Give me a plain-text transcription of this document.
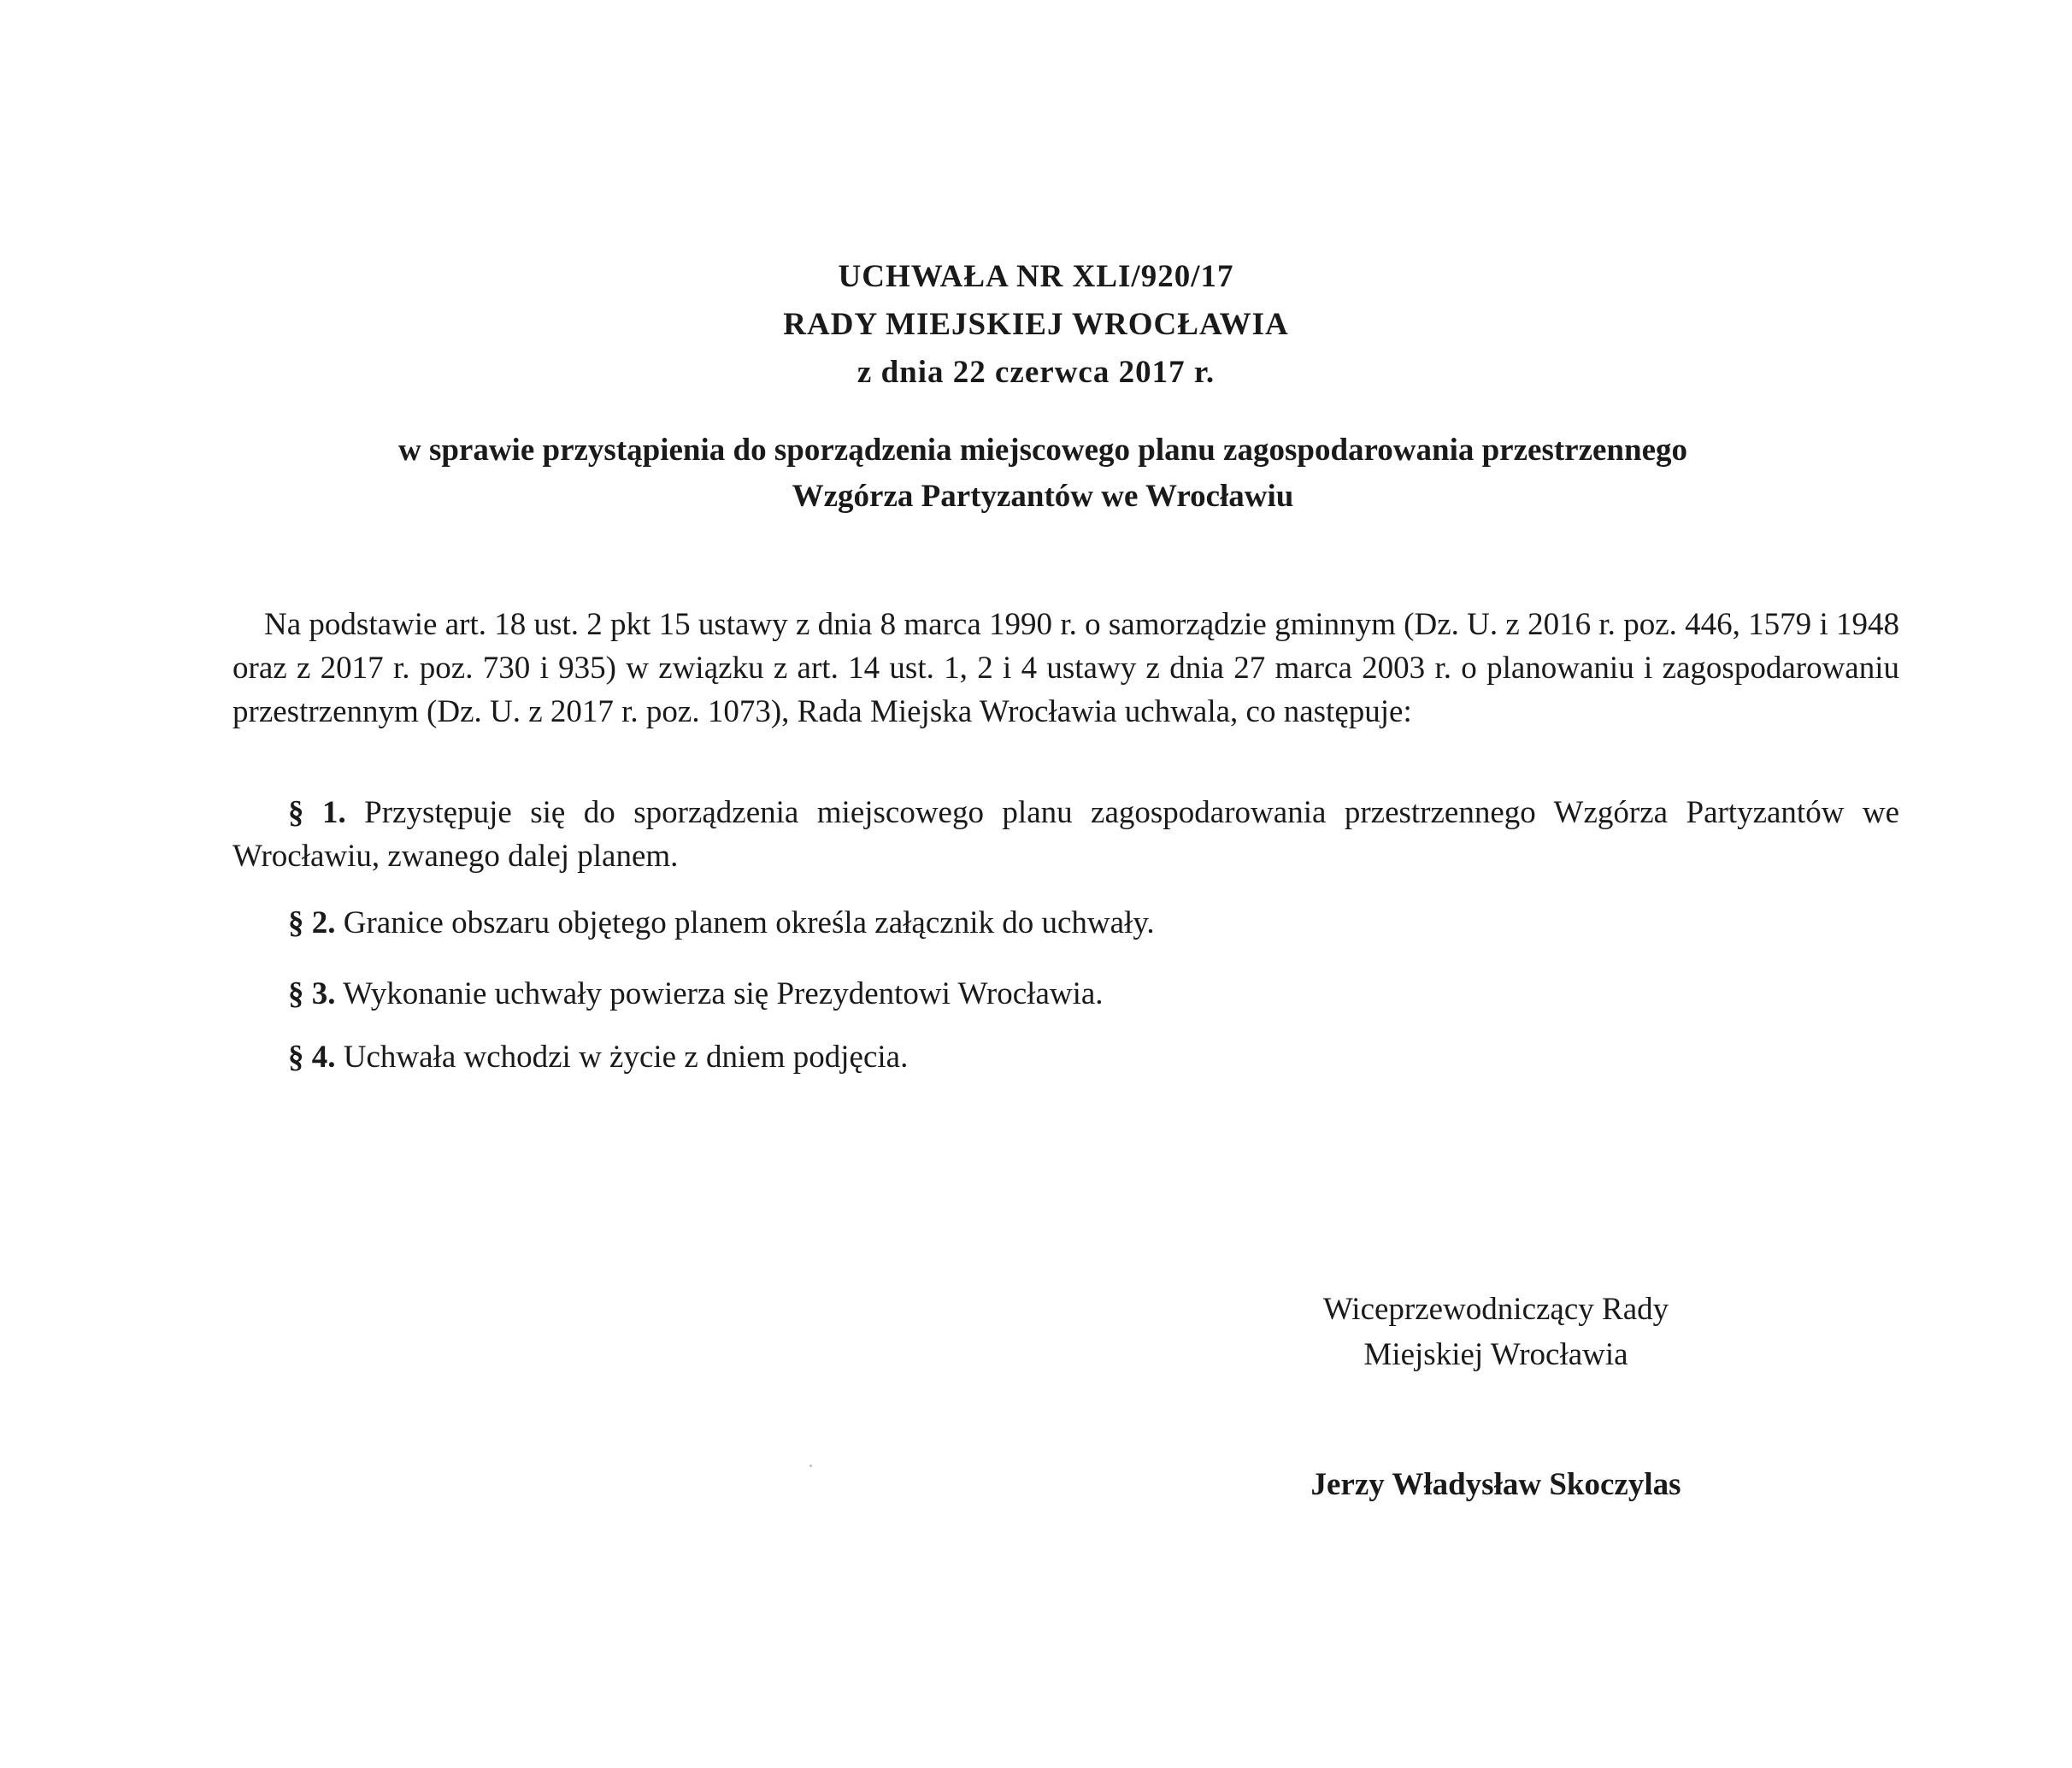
UCHWAŁA NR XLI/920/17
RADY MIEJSKIEJ WROCŁAWIA
z dnia 22 czerwca 2017 r.
w sprawie przystąpienia do sporządzenia miejscowego planu zagospodarowania przestrzennego
Wzgórza Partyzantów we Wrocławiu
Na podstawie art. 18 ust. 2 pkt 15 ustawy z dnia 8 marca 1990 r. o samorządzie gminnym (Dz. U. z 2016 r. poz. 446, 1579 i 1948 oraz z 2017 r. poz. 730 i 935) w związku z art. 14 ust. 1, 2 i 4 ustawy z dnia 27 marca 2003 r. o planowaniu i zagospodarowaniu przestrzennym (Dz. U. z 2017 r. poz. 1073), Rada Miejska Wrocławia uchwala, co następuje:
§ 1. Przystępuje się do sporządzenia miejscowego planu zagospodarowania przestrzennego Wzgórza Partyzantów we Wrocławiu, zwanego dalej planem.
§ 2. Granice obszaru objętego planem określa załącznik do uchwały.
§ 3. Wykonanie uchwały powierza się Prezydentowi Wrocławia.
§ 4. Uchwała wchodzi w życie z dniem podjęcia.
Wiceprzewodniczący Rady
Miejskiej Wrocławia
Jerzy Władysław Skoczylas
